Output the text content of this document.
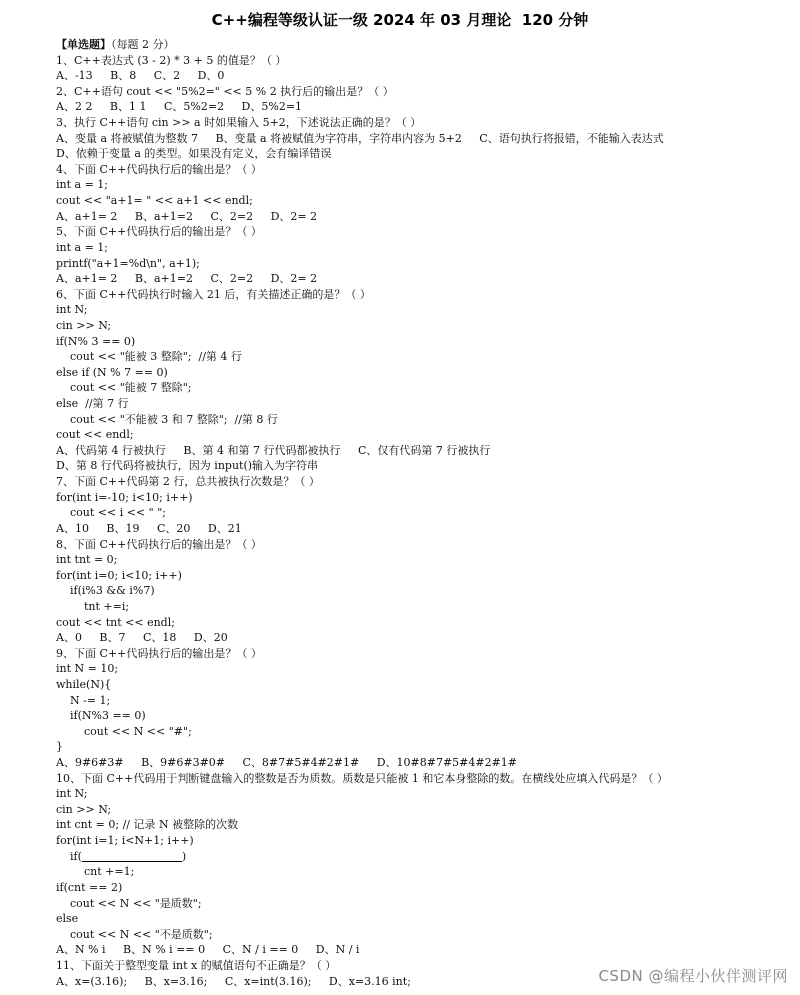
C++编程等级认证一级 2024 年 03 月理论  120 分钟
【单选题】（每题 2 分）
1、C++表达式 (3 - 2) * 3 + 5 的值是？（ ）
A、-13     B、8     C、2     D、0
2、C++语句 cout << "5%2=" << 5 % 2 执行后的输出是？（ ）
A、2 2     B、1 1     C、5%2=2     D、5%2=1
3、执行 C++语句 cin >> a 时如果输入 5+2，下述说法正确的是？（ ）
A、变量 a 将被赋值为整数 7     B、变量 a 将被赋值为字符串，字符串内容为 5+2     C、语句执行将报错，不能输入表达式
D、依赖于变量 a 的类型。如果没有定义，会有编译错误
4、下面 C++代码执行后的输出是？（ ）
int a = 1;
cout << "a+1= " << a+1 << endl;
A、a+1= 2     B、a+1=2     C、2=2     D、2= 2
5、下面 C++代码执行后的输出是？（ ）
int a = 1;
printf("a+1=%d\n", a+1);
A、a+1= 2     B、a+1=2     C、2=2     D、2= 2
6、下面 C++代码执行时输入 21 后，有关描述正确的是？（ ）
int N;
cin >> N;
if(N% 3 == 0)
cout << "能被 3 整除";  //第 4 行
else if (N % 7 == 0)
cout << "能被 7 整除";
else  //第 7 行
cout << "不能被 3 和 7 整除";  //第 8 行
cout << endl;
A、代码第 4 行被执行     B、第 4 和第 7 行代码都被执行     C、仅有代码第 7 行被执行
D、第 8 行代码将被执行，因为 input()输入为字符串
7、下面 C++代码第 2 行，总共被执行次数是？（ ）
for(int i=-10; i<10; i++)
cout << i << " ";
A、10     B、19     C、20     D、21
8、下面 C++代码执行后的输出是？（ ）
int tnt = 0;
for(int i=0; i<10; i++)
if(i%3 && i%7)
tnt +=i;
cout << tnt << endl;
A、0     B、7     C、18     D、20
9、下面 C++代码执行后的输出是？（ ）
int N = 10;
while(N){
N -= 1;
if(N%3 == 0)
cout << N << "#";
}
A、9#6#3#     B、9#6#3#0#     C、8#7#5#4#2#1#     D、10#8#7#5#4#2#1#
10、下面 C++代码用于判断键盘输入的整数是否为质数。质数是只能被 1 和它本身整除的数。在横线处应填入代码是？（ ）
int N;
cin >> N;
int cnt = 0; // 记录 N 被整除的次数
for(int i=1; i<N+1; i++)
if(	)
cnt +=1;
if(cnt == 2)
cout << N << "是质数";
else
cout << N << "不是质数";
A、N % i     B、N % i == 0     C、N / i == 0     D、N / i
11、下面关于整型变量 int x 的赋值语句不正确是？（ ）
A、x=(3.16);     B、x=3.16;     C、x=int(3.16);     D、x=3.16 int;	CSDN @编程小伙伴测评网
